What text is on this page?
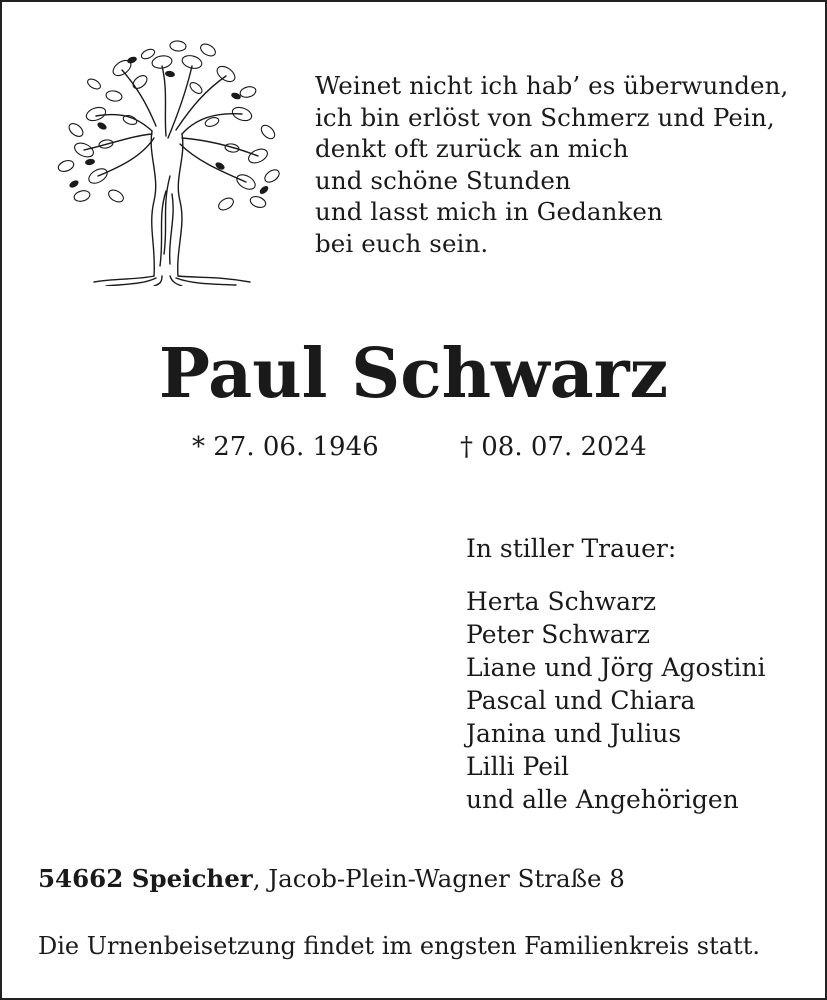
Weinet nicht ich hab’ es überwunden,
ich bin erlöst von Schmerz und Pein,
denkt oft zurück an mich
und schöne Stunden
und lasst mich in Gedanken
bei euch sein.
Paul Schwarz
* 27. 06. 1946	† 08. 07. 2024
In stiller Trauer:
Herta Schwarz
Peter Schwarz
Liane und Jörg Agostini
Pascal und Chiara
Janina und Julius
Lilli Peil
und alle Angehörigen
54662 Speicher, Jacob-Plein-Wagner Straße 8
Die Urnenbeisetzung findet im engsten Familienkreis statt.
